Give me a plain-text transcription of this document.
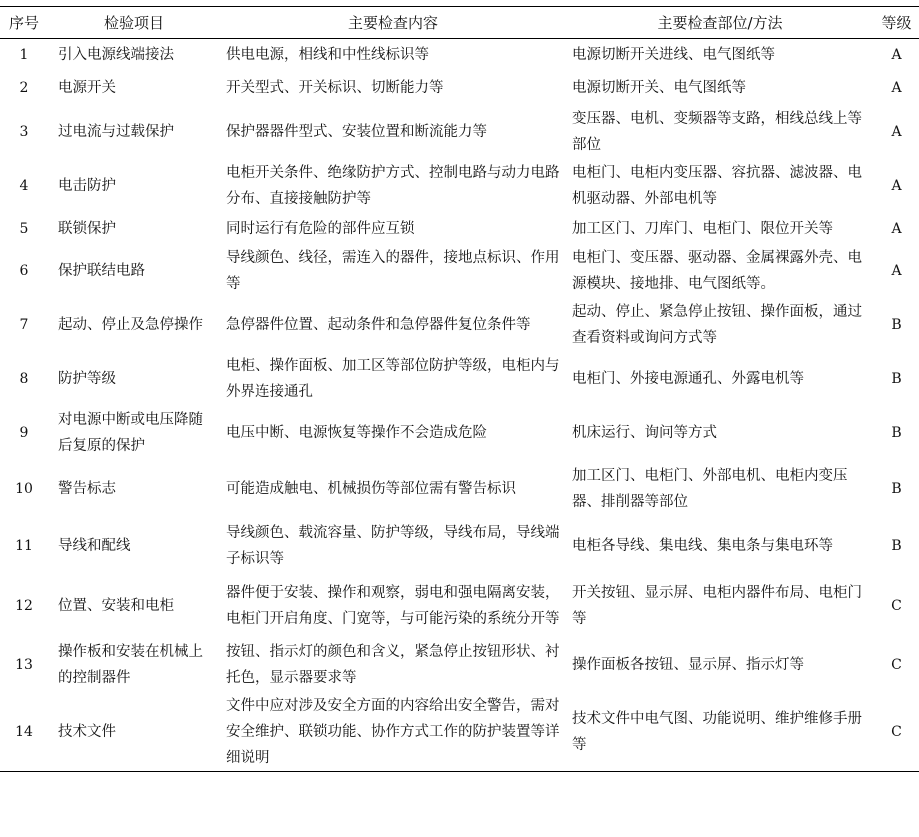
序号	检验项目	主要检查内容	主要检查部位/方法	等级
1	引入电源线端接法	供电电源，相线和中性线标识等	电源切断开关进线、电气图纸等	A
2	电源开关	开关型式、开关标识、切断能力等	电源切断开关、电气图纸等	A
3	过电流与过载保护	保护器器件型式、安装位置和断流能力等	变压器、电机、变频器等支路，相线总线上等部位	A
4	电击防护	电柜开关条件、绝缘防护方式、控制电路与动力电路分布、直接接触防护等	电柜门、电柜内变压器、容抗器、滤波器、电机驱动器、外部电机等	A
5	联锁保护	同时运行有危险的部件应互锁	加工区门、刀库门、电柜门、限位开关等	A
6	保护联结电路	导线颜色、线径，需连入的器件，接地点标识、作用等	电柜门、变压器、驱动器、金属裸露外壳、电源模块、接地排、电气图纸等。	A
7	起动、停止及急停操作	急停器件位置、起动条件和急停器件复位条件等	起动、停止、紧急停止按钮、操作面板，通过查看资料或询问方式等	B
8	防护等级	电柜、操作面板、加工区等部位防护等级，电柜内与外界连接通孔	电柜门、外接电源通孔、外露电机等	B
9	对电源中断或电压降随后复原的保护	电压中断、电源恢复等操作不会造成危险	机床运行、询问等方式	B
10	警告标志	可能造成触电、机械损伤等部位需有警告标识	加工区门、电柜门、外部电机、电柜内变压器、排削器等部位	B
11	导线和配线	导线颜色、载流容量、防护等级，导线布局，导线端子标识等	电柜各导线、集电线、集电条与集电环等	B
12	位置、安装和电柜	器件便于安装、操作和观察，弱电和强电隔离安装，电柜门开启角度、门宽等，与可能污染的系统分开等	开关按钮、显示屏、电柜内器件布局、电柜门等	C
13	操作板和安装在机械上的控制器件	按钮、指示灯的颜色和含义，紧急停止按钮形状、衬托色，显示器要求等	操作面板各按钮、显示屏、指示灯等	C
14	技术文件	文件中应对涉及安全方面的内容给出安全警告，需对安全维护、联锁功能、协作方式工作的防护装置等详细说明	技术文件中电气图、功能说明、维护维修手册等	C
